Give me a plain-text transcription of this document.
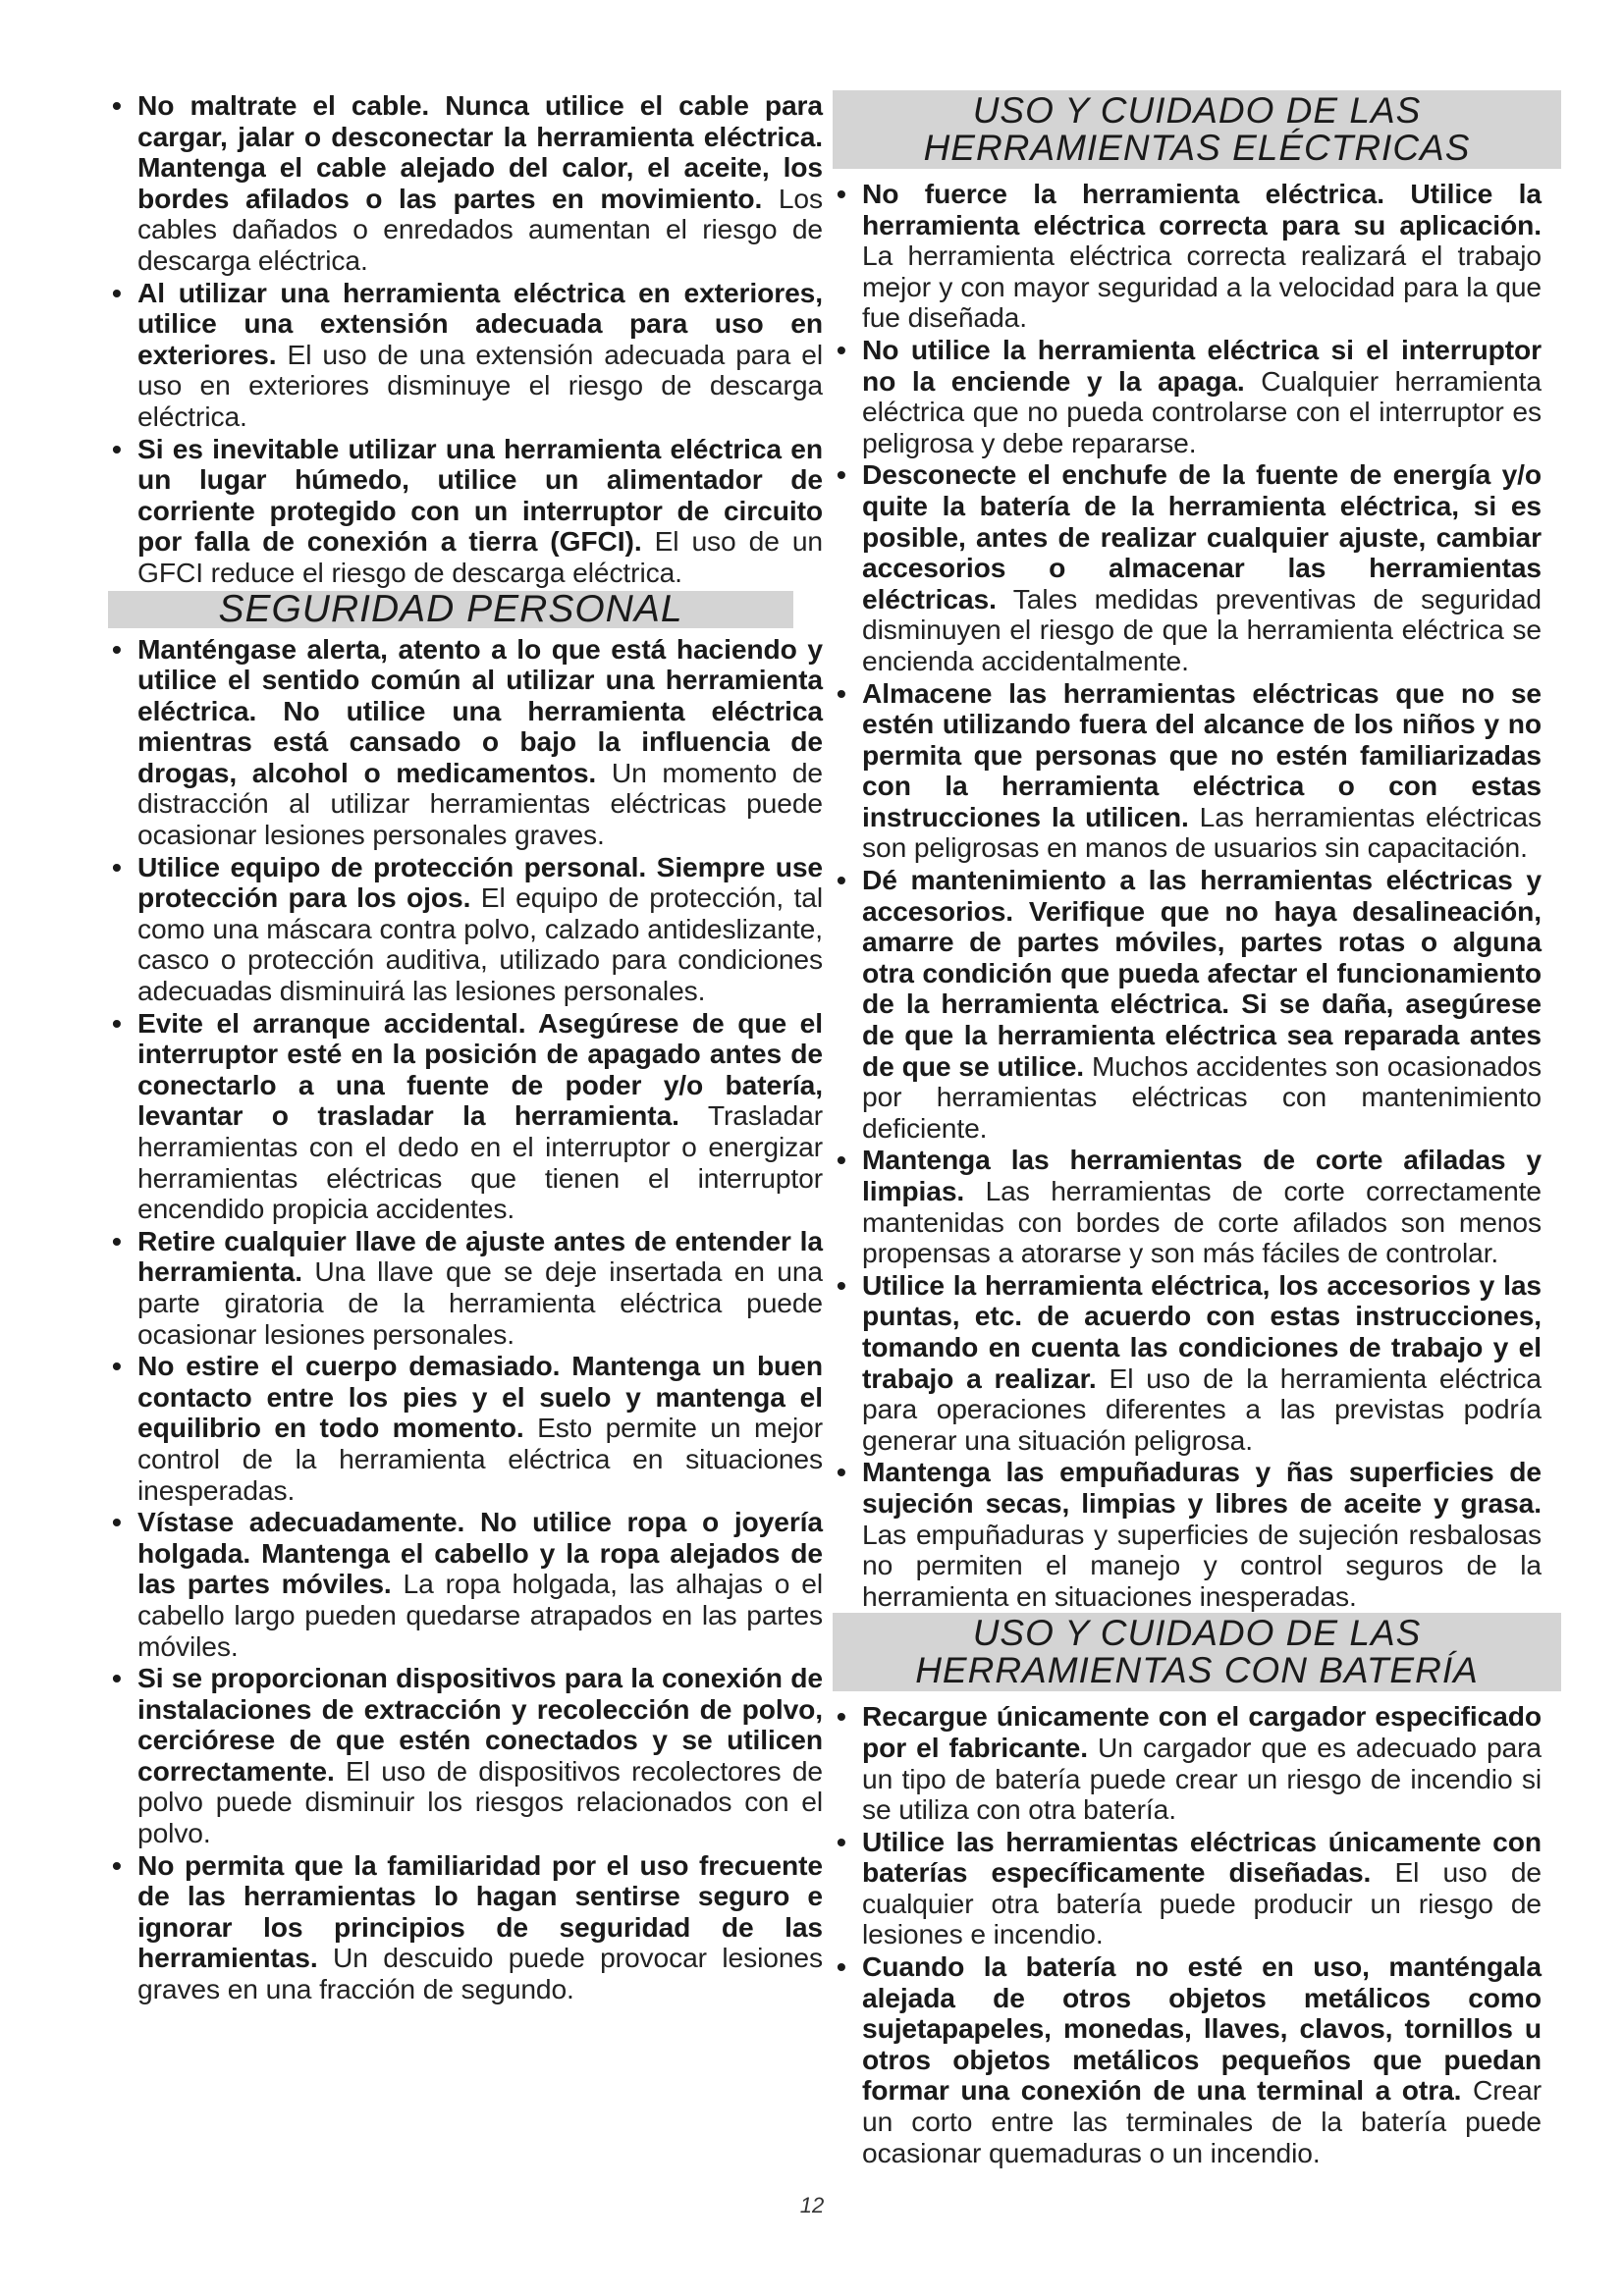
• No maltrate el cable. Nunca utilice el cable para cargar, jalar o desconectar la herramienta eléctrica. Mantenga el cable alejado del calor, el aceite, los bordes afilados o las partes en movimiento. Los cables dañados o enredados aumentan el riesgo de descarga eléctrica.
• Al utilizar una herramienta eléctrica en exteriores, utilice una extensión adecuada para uso en exteriores. El uso de una extensión adecuada para el uso en exteriores disminuye el riesgo de descarga eléctrica.
• Si es inevitable utilizar una herramienta eléctrica en un lugar húmedo, utilice un alimentador de corriente protegido con un interruptor de circuito por falla de conexión a tierra (GFCI). El uso de un GFCI reduce el riesgo de descarga eléctrica.
SEGURIDAD PERSONAL
• Manténgase alerta, atento a lo que está haciendo y utilice el sentido común al utilizar una herramienta eléctrica. No utilice una herramienta eléctrica mientras está cansado o bajo la influencia de drogas, alcohol o medicamentos. Un momento de distracción al utilizar herramientas eléctricas puede ocasionar lesiones personales graves.
• Utilice equipo de protección personal. Siempre use protección para los ojos. El equipo de protección, tal como una máscara contra polvo, calzado antideslizante, casco o protección auditiva, utilizado para condiciones adecuadas disminuirá las lesiones personales.
• Evite el arranque accidental. Asegúrese de que el interruptor esté en la posición de apagado antes de conectarlo a una fuente de poder y/o batería, levantar o trasladar la herramienta. Trasladar herramientas con el dedo en el interruptor o energizar herramientas eléctricas que tienen el interruptor encendido propicia accidentes.
• Retire cualquier llave de ajuste antes de entender la herramienta. Una llave que se deje insertada en una parte giratoria de la herramienta eléctrica puede ocasionar lesiones personales.
• No estire el cuerpo demasiado. Mantenga un buen contacto entre los pies y el suelo y mantenga el equilibrio en todo momento. Esto permite un mejor control de la herramienta eléctrica en situaciones inesperadas.
• Vístase adecuadamente. No utilice ropa o joyería holgada. Mantenga el cabello y la ropa alejados de las partes móviles. La ropa holgada, las alhajas o el cabello largo pueden quedarse atrapados en las partes móviles.
• Si se proporcionan dispositivos para la conexión de instalaciones de extracción y recolección de polvo, cerciórese de que estén conectados y se utilicen correctamente. El uso de dispositivos recolectores de polvo puede disminuir los riesgos relacionados con el polvo.
• No permita que la familiaridad por el uso frecuente de las herramientas lo hagan sentirse seguro e ignorar los principios de seguridad de las herramientas. Un descuido puede provocar lesiones graves en una fracción de segundo.
USO Y CUIDADO DE LAS
HERRAMIENTAS ELÉCTRICAS
• No fuerce la herramienta eléctrica. Utilice la herramienta eléctrica correcta para su aplicación. La herramienta eléctrica correcta realizará el trabajo mejor y con mayor seguridad a la velocidad para la que fue diseñada.
• No utilice la herramienta eléctrica si el interruptor no la enciende y la apaga. Cualquier herramienta eléctrica que no pueda controlarse con el interruptor es peligrosa y debe repararse.
• Desconecte el enchufe de la fuente de energía y/o quite la batería de la herramienta eléctrica, si es posible, antes de realizar cualquier ajuste, cambiar accesorios o almacenar las herramientas eléctricas. Tales medidas preventivas de seguridad disminuyen el riesgo de que la herramienta eléctrica se encienda accidentalmente.
• Almacene las herramientas eléctricas que no se estén utilizando fuera del alcance de los niños y no permita que personas que no estén familiarizadas con la herramienta eléctrica o con estas instrucciones la utilicen. Las herramientas eléctricas son peligrosas en manos de usuarios sin capacitación.
• Dé mantenimiento a las herramientas eléctricas y accesorios. Verifique que no haya desalineación, amarre de partes móviles, partes rotas o alguna otra condición que pueda afectar el funcionamiento de la herramienta eléctrica. Si se daña, asegúrese de que la herramienta eléctrica sea reparada antes de que se utilice. Muchos accidentes son ocasionados por herramientas eléctricas con mantenimiento deficiente.
• Mantenga las herramientas de corte afiladas y limpias. Las herramientas de corte correctamente mantenidas con bordes de corte afilados son menos propensas a atorarse y son más fáciles de controlar.
• Utilice la herramienta eléctrica, los accesorios y las puntas, etc. de acuerdo con estas instrucciones, tomando en cuenta las condiciones de trabajo y el trabajo a realizar. El uso de la herramienta eléctrica para operaciones diferentes a las previstas podría generar una situación peligrosa.
• Mantenga las empuñaduras y ñas superficies de sujeción secas, limpias y libres de aceite y grasa. Las empuñaduras y superficies de sujeción resbalosas no permiten el manejo y control seguros de la herramienta en situaciones inesperadas.
USO Y CUIDADO DE LAS
HERRAMIENTAS CON BATERÍA
• Recargue únicamente con el cargador especificado por el fabricante. Un cargador que es adecuado para un tipo de batería puede crear un riesgo de incendio si se utiliza con otra batería.
• Utilice las herramientas eléctricas únicamente con baterías específicamente diseñadas. El uso de cualquier otra batería puede producir un riesgo de lesiones e incendio.
• Cuando la batería no esté en uso, manténgala alejada de otros objetos metálicos como sujetapapeles, monedas, llaves, clavos, tornillos u otros objetos metálicos pequeños que puedan formar una conexión de una terminal a otra. Crear un corto entre las terminales de la batería puede ocasionar quemaduras o un incendio.
12
